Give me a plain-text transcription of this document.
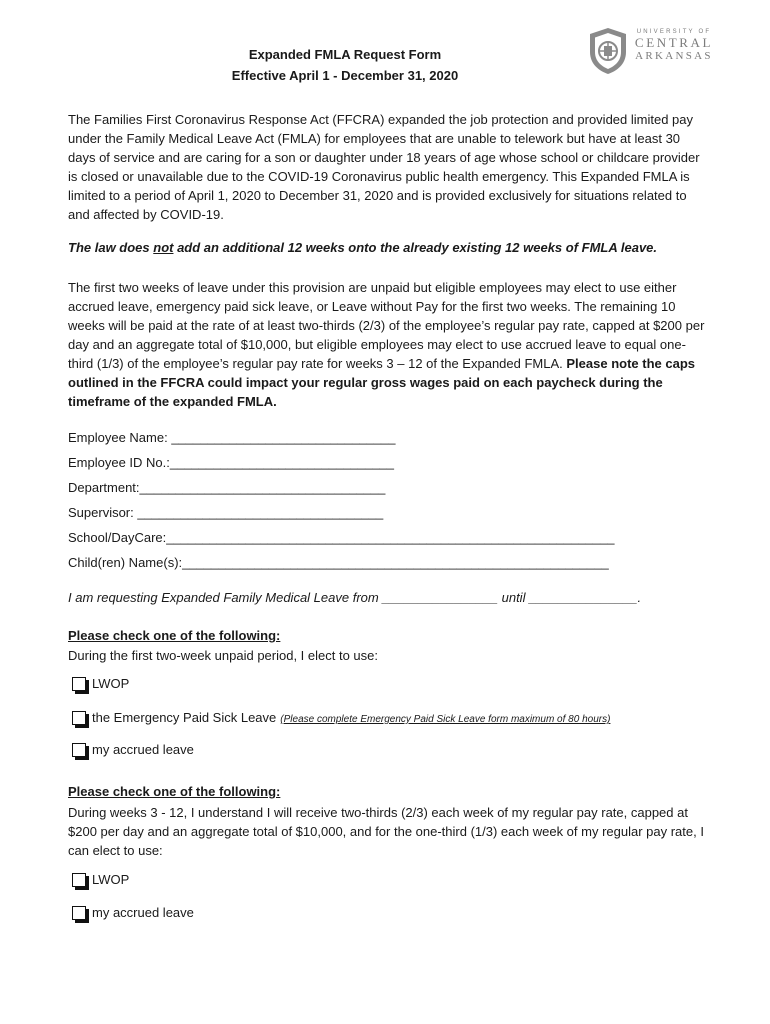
UNIVERSITY OF
CENTRAL
ARKANSAS
Expanded FMLA Request Form
Effective April 1 - December 31, 2020
The Families First Coronavirus Response Act (FFCRA) expanded the job protection and provided limited pay under the Family Medical Leave Act (FMLA) for employees that are unable to telework but have at least 30 days of service and are caring for a son or daughter under 18 years of age whose school or childcare provider is closed or unavailable due to the COVID-19 Coronavirus public health emergency. This Expanded FMLA is limited to a period of April 1, 2020 to December 31, 2020 and is provided exclusively for situations related to and affected by COVID-19.
The law does not add an additional 12 weeks onto the already existing 12 weeks of FMLA leave.
The first two weeks of leave under this provision are unpaid but eligible employees may elect to use either accrued leave, emergency paid sick leave, or Leave without Pay for the first two weeks. The remaining 10 weeks will be paid at the rate of at least two-thirds (2/3) of the employee’s regular pay rate, capped at $200 per day and an aggregate total of $10,000, but eligible employees may elect to use accrued leave to equal one-third (1/3) of the employee’s regular pay rate for weeks 3 – 12 of the Expanded FMLA. Please note the caps outlined in the FFCRA could impact your regular gross wages paid on each paycheck during the timeframe of the expanded FMLA.
Employee Name: _______________________________
Employee ID No.:_______________________________
Department:__________________________________
Supervisor: __________________________________
School/DayCare:______________________________________________________________
Child(ren) Name(s):___________________________________________________________
I am requesting Expanded Family Medical Leave from ________________ until _______________.
Please check one of the following:
During the first two-week unpaid period, I elect to use:
LWOP
the Emergency Paid Sick Leave (Please complete Emergency Paid Sick Leave form maximum of 80 hours)
my accrued leave
Please check one of the following:
During weeks 3 - 12, I understand I will receive two-thirds (2/3) each week of my regular pay rate, capped at $200 per day and an aggregate total of $10,000, and for the one-third (1/3) each week of my regular pay rate, I can elect to use:
LWOP
my accrued leave
